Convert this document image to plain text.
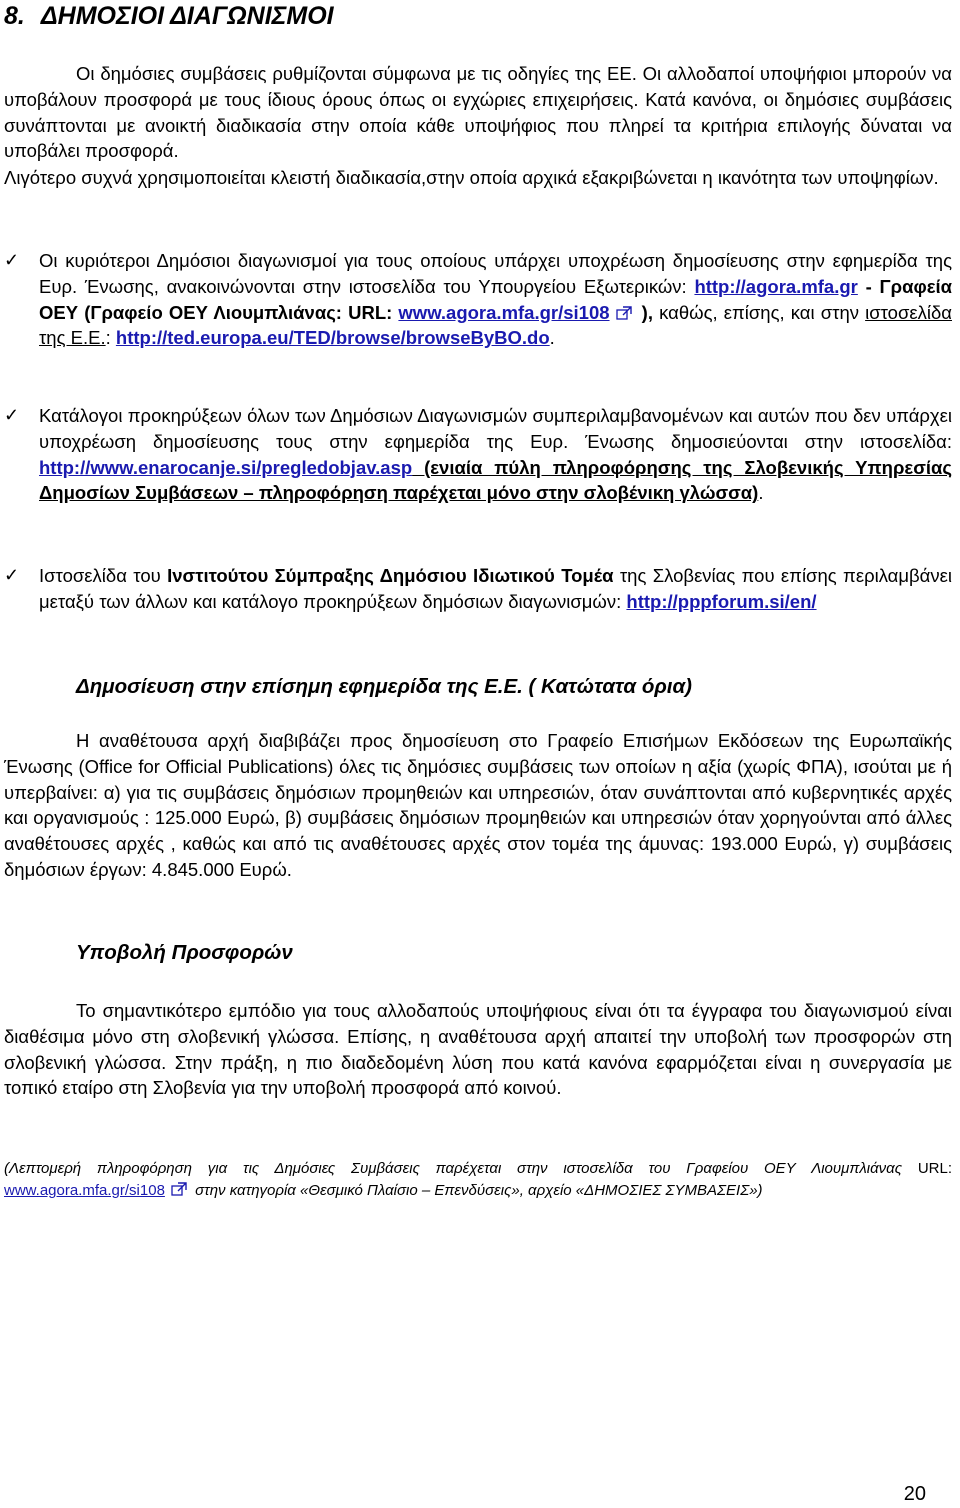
8. ΔΗΜΟΣΙΟΙ ΔΙΑΓΩΝΙΣΜΟΙ
Οι δημόσιες συμβάσεις ρυθμίζονται σύμφωνα με τις οδηγίες της ΕΕ. Οι αλλοδαποί υποψήφιοι μπορούν να υποβάλουν προσφορά με τους ίδιους όρους όπως οι εγχώριες επιχειρήσεις. Κατά κανόνα, οι δημόσιες συμβάσεις συνάπτονται με ανοικτή διαδικασία στην οποία κάθε υποψήφιος που πληρεί τα κριτήρια επιλογής δύναται να υποβάλει προσφορά.
Λιγότερο συχνά χρησιμοποιείται κλειστή διαδικασία,στην οποία αρχικά εξακριβώνεται η ικανότητα των υποψηφίων.
✓ Οι κυριότεροι Δημόσιοι διαγωνισμοί για τους οποίους υπάρχει υποχρέωση δημοσίευσης στην εφημερίδα της Ευρ. Ένωσης, ανακοινώνονται στην ιστοσελίδα του Υπουργείου Εξωτερικών: http://agora.mfa.gr - Γραφεία ΟΕΥ (Γραφείο ΟΕΥ Λιουμπλιάνας: URL: www.agora.mfa.gr/si108 ), καθώς, επίσης, και στην ιστοσελίδα της Ε.Ε.: http://ted.europa.eu/TED/browse/browseByBO.do.
✓ Κατάλογοι προκηρύξεων όλων των Δημόσιων Διαγωνισμών συμπεριλαμβανομένων και αυτών που δεν υπάρχει υποχρέωση δημοσίευσης τους στην εφημερίδα της Ευρ. Ένωσης δημοσιεύονται στην ιστοσελίδα: http://www.enarocanje.si/pregledobjav.asp (ενιαία πύλη πληροφόρησης της Σλοβενικής Υπηρεσίας Δημοσίων Συμβάσεων – πληροφόρηση παρέχεται μόνο στην σλοβένικη γλώσσα).
✓ Ιστοσελίδα του Ινστιτούτου Σύμπραξης Δημόσιου Ιδιωτικού Τομέα της Σλοβενίας που επίσης περιλαμβάνει μεταξύ των άλλων και κατάλογο προκηρύξεων δημόσιων διαγωνισμών: http://pppforum.si/en/
Δημοσίευση στην επίσημη εφημερίδα της Ε.Ε. ( Κατώτατα όρια)
Η αναθέτουσα αρχή διαβιβάζει προς δημοσίευση στο Γραφείο Επισήμων Εκδόσεων της Ευρωπαϊκής Ένωσης (Office for Official Publications) όλες τις δημόσιες συμβάσεις των οποίων η αξία (χωρίς ΦΠΑ), ισούται με ή υπερβαίνει: α) για τις συμβάσεις δημόσιων προμηθειών και υπηρεσιών, όταν συνάπτονται από κυβερνητικές αρχές και οργανισμούς : 125.000 Ευρώ, β) συμβάσεις δημόσιων προμηθειών και υπηρεσιών όταν χορηγούνται από άλλες αναθέτουσες αρχές , καθώς και από τις αναθέτουσες αρχές στον τομέα της άμυνας: 193.000 Ευρώ, γ) συμβάσεις δημόσιων έργων: 4.845.000 Ευρώ.
Υποβολή Προσφορών
Το σημαντικότερο εμπόδιο για τους αλλοδαπούς υποψήφιους είναι ότι τα έγγραφα του διαγωνισμού είναι διαθέσιμα μόνο στη σλοβενική γλώσσα. Επίσης, η αναθέτουσα αρχή απαιτεί την υποβολή των προσφορών στη σλοβενική γλώσσα. Στην πράξη, η πιο διαδεδομένη λύση που κατά κανόνα εφαρμόζεται είναι η συνεργασία με τοπικό εταίρο στη Σλοβενία για την υποβολή προσφορά από κοινού.
(Λεπτομερή πληροφόρηση για τις Δημόσιες Συμβάσεις παρέχεται στην ιστοσελίδα του Γραφείου ΟΕΥ Λιουμπλιάνας URL: www.agora.mfa.gr/si108 στην κατηγορία «Θεσμικό Πλαίσιο – Επενδύσεις», αρχείο «ΔΗΜΟΣΙΕΣ ΣΥΜΒΑΣΕΙΣ»)
20
